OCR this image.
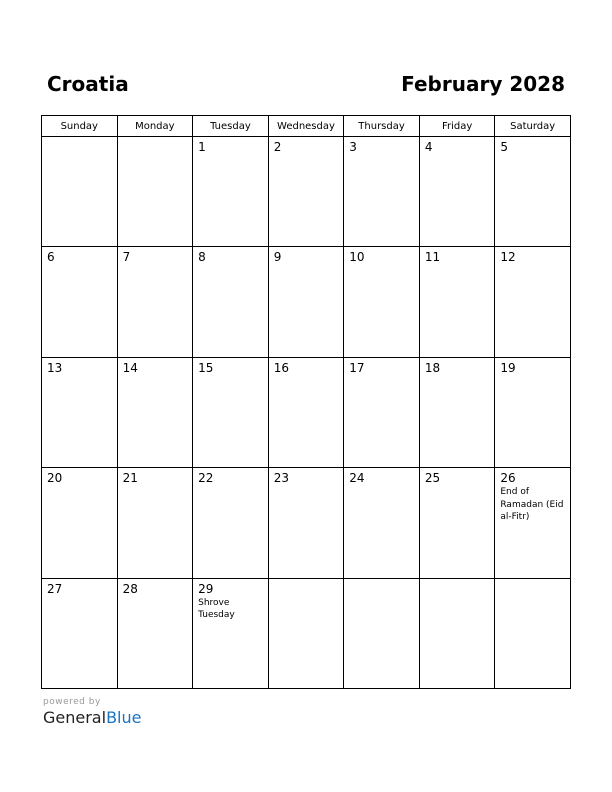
Croatia	February 2028
Sunday	Monday	Tuesday	Wednesday	Thursday	Friday	Saturday

		1	2	3	4	5

6	7	8	9	10	11	12

13	14	15	16	17	18	19

20	21	22	23	24	25	26
End of
Ramadan (Eid
al-Fitr)

27	28	29
Shrove
Tuesday				

powered by
GeneralBlue
